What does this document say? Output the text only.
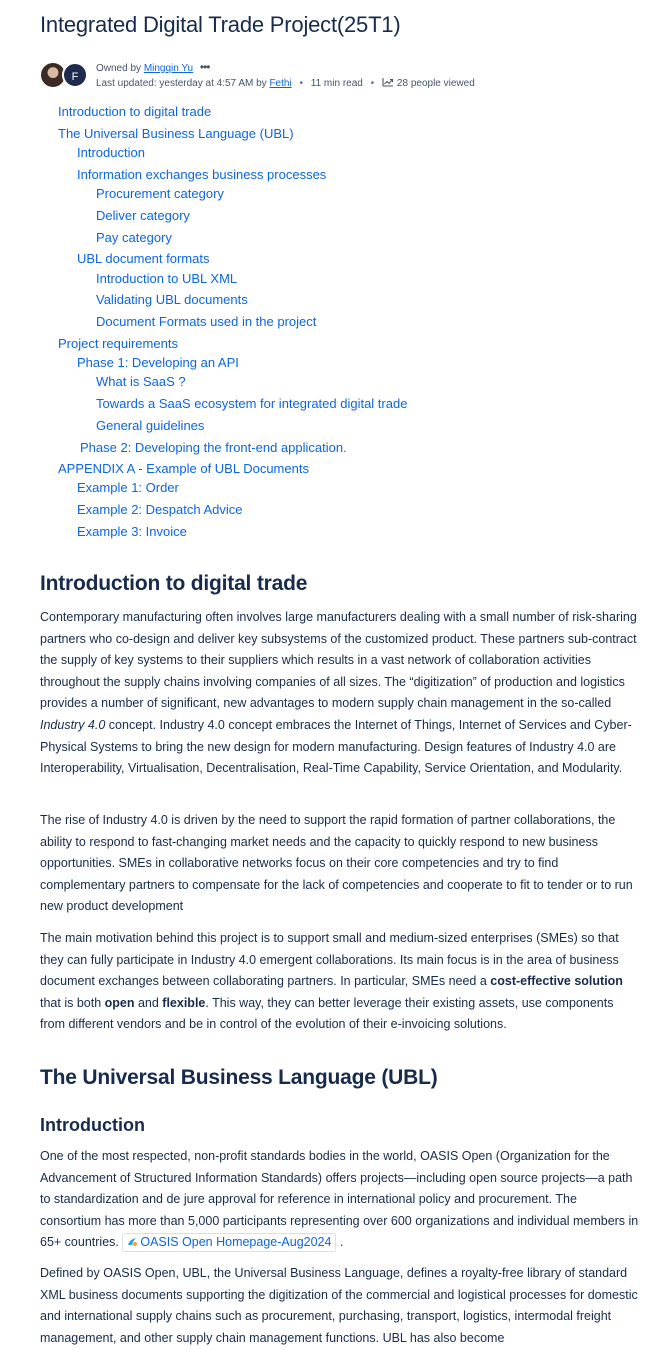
Integrated Digital Trade Project(25T1)
F
Owned by Mingqin Yu •••
Last updated: yesterday at 4:57 AM by Fethi • 11 min read • 28 people viewed
Introduction to digital trade
The Universal Business Language (UBL)
Introduction
Information exchanges business processes
Procurement category
Deliver category
Pay category
UBL document formats
Introduction to UBL XML
Validating UBL documents
Document Formats used in the project
Project requirements
Phase 1: Developing an API
What is SaaS ?
Towards a SaaS ecosystem for integrated digital trade
General guidelines
Phase 2: Developing the front-end application.
APPENDIX A - Example of UBL Documents
Example 1: Order
Example 2: Despatch Advice
Example 3: Invoice
Introduction to digital trade

Contemporary manufacturing often involves large manufacturers dealing with a small number of risk-sharing partners who co-design and deliver key subsystems of the customized product. These partners sub-contract the supply of key systems to their suppliers which results in a vast network of collaboration activities throughout the supply chains involving companies of all sizes. The “digitization” of production and logistics provides a number of significant, new advantages to modern supply chain management in the so-called Industry 4.0 concept. Industry 4.0 concept embraces the Internet of Things, Internet of Services and Cyber-Physical Systems to bring the new design for modern manufacturing. Design features of Industry 4.0 are Interoperability, Virtualisation, Decentralisation, Real-Time Capability, Service Orientation, and Modularity.

The rise of Industry 4.0 is driven by the need to support the rapid formation of partner collaborations, the ability to respond to fast-changing market needs and the capacity to quickly respond to new business opportunities. SMEs in collaborative networks focus on their core competencies and try to find complementary partners to compensate for the lack of competencies and cooperate to fit to tender or to run new product development

The main motivation behind this project is to support small and medium-sized enterprises (SMEs) so that they can fully participate in Industry 4.0 emergent collaborations. Its main focus is in the area of business document exchanges between collaborating partners. In particular, SMEs need a cost-effective solution that is both open and flexible. This way, they can better leverage their existing assets, use components from different vendors and be in control of the evolution of their e-invoicing solutions.

The Universal Business Language (UBL)
Introduction

One of the most respected, non-profit standards bodies in the world, OASIS Open (Organization for the Advancement of Structured Information Standards) offers projects—including open source projects—a path to standardization and de jure approval for reference in international policy and procurement. The consortium has more than 5,000 participants representing over 600 organizations and individual members in 65+ countries. OASIS Open Homepage-Aug2024 .

Defined by OASIS Open, UBL, the Universal Business Language, defines a royalty-free library of standard XML business documents supporting the digitization of the commercial and logistical processes for domestic and international supply chains such as procurement, purchasing, transport, logistics, intermodal freight management, and other supply chain management functions. UBL has also become
